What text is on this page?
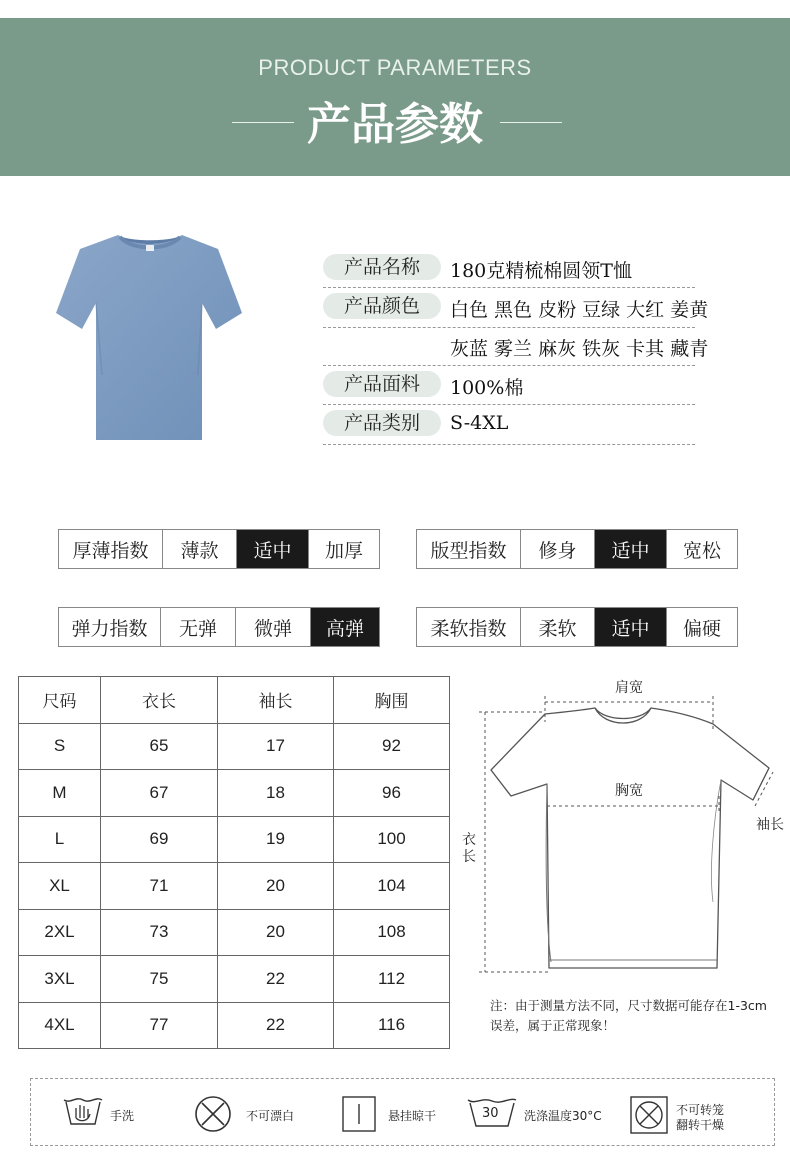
PRODUCT PARAMETERS
产品参数
产品名称	180克精梳棉圆领T恤
产品颜色	白色 黑色 皮粉 豆绿 大红 姜黄
灰蓝 雾兰 麻灰 铁灰 卡其 藏青
产品面料	100%棉
产品类别	S-4XL
厚薄指数	薄款	适中	加厚	版型指数	修身	适中	宽松
弹力指数	无弹	微弹	高弹	柔软指数	柔软	适中	偏硬
尺码	衣长	袖长	胸围
S	65	17	92
M	67	18	96
L	69	19	100
XL	71	20	104
2XL	73	20	108
3XL	75	22	112
4XL	77	22	116
肩宽
胸宽
衣长
袖长
注：由于测量方法不同，尺寸数据可能存在1-3cm 误差，属于正常现象！
手洗	不可漂白	悬挂晾干	30 洗涤温度30°C	不可转笼
翻转干燥
